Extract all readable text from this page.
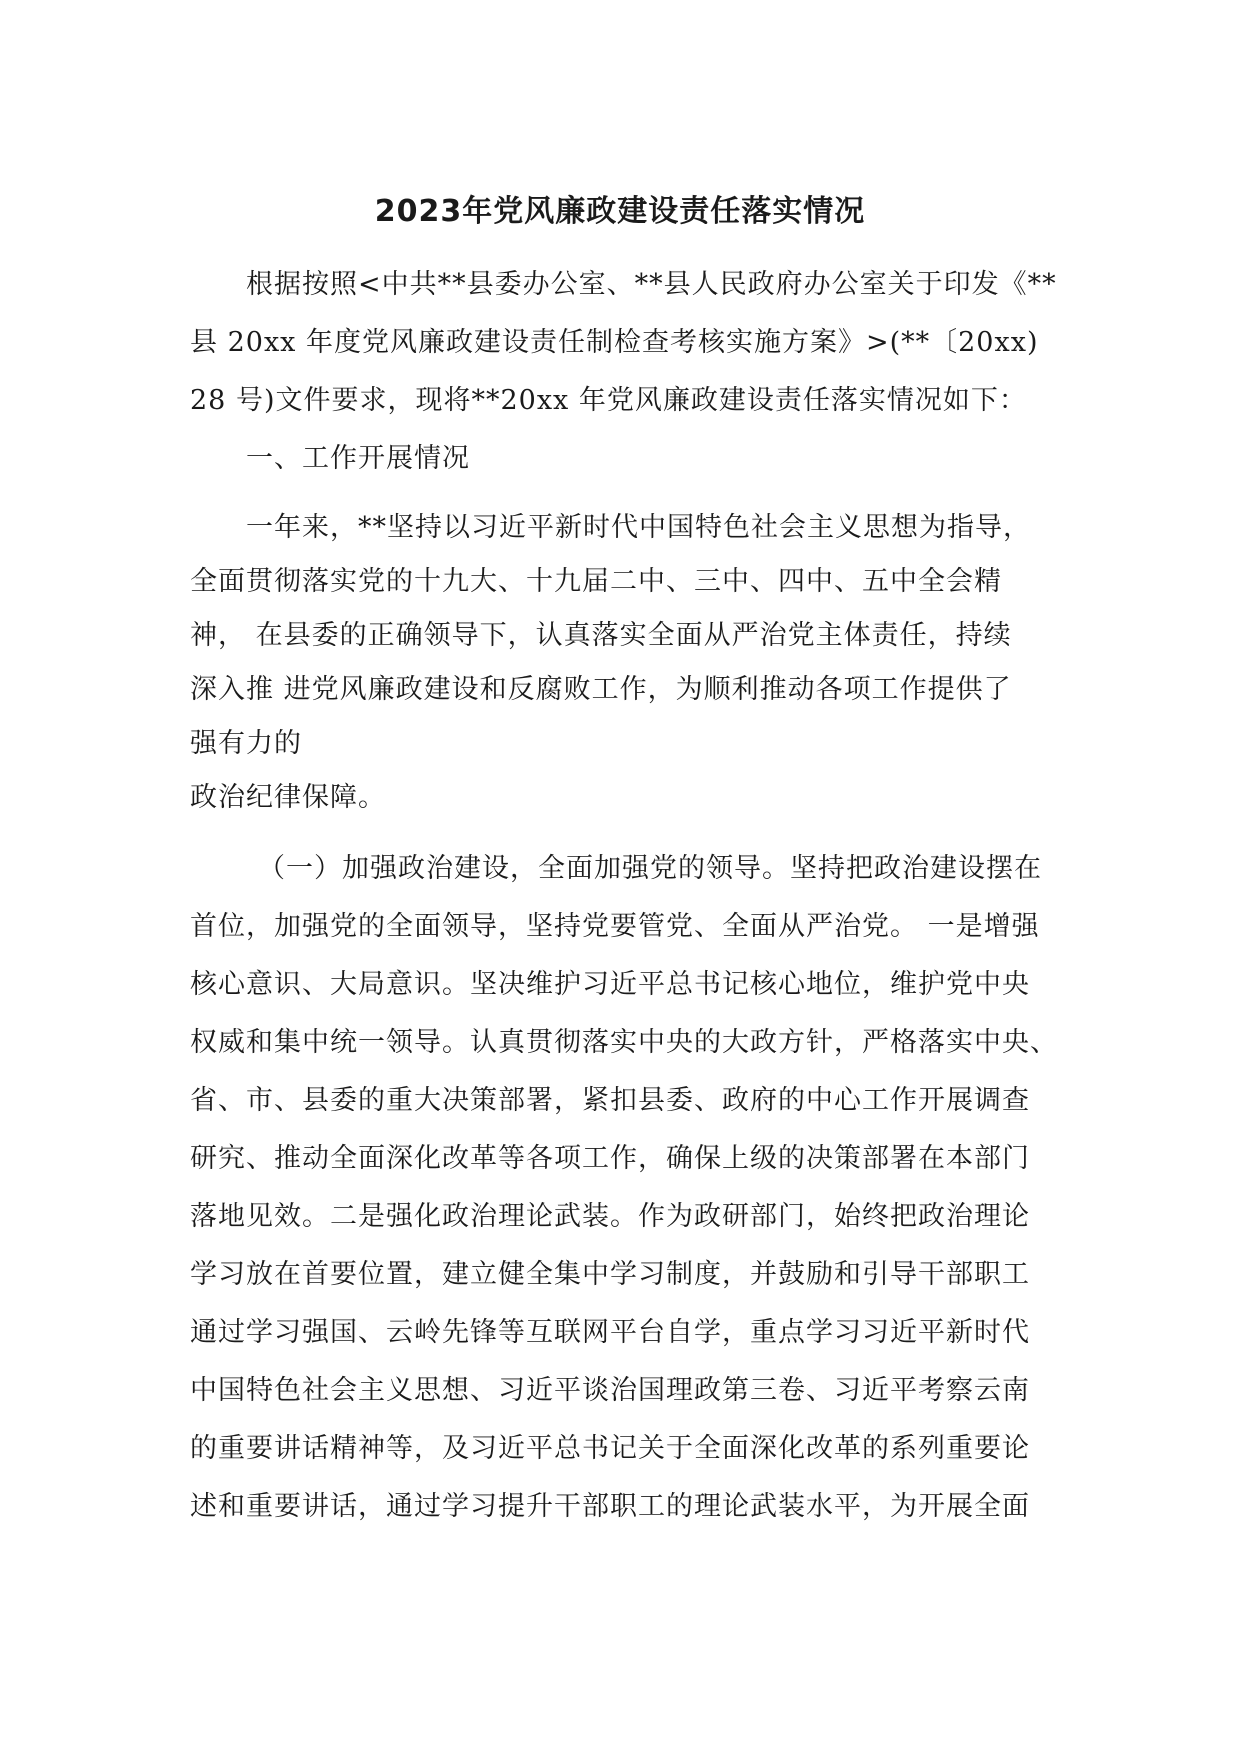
2023年党风廉政建设责任落实情况
根据按照<中共**县委办公室、**县人民政府办公室关于印发《**
县 20xx 年度党风廉政建设责任制检查考核实施方案》>(**〔20xx)
28 号)文件要求，现将**20xx 年党风廉政建设责任落实情况如下：
一、工作开展情况
一年来，**坚持以习近平新时代中国特色社会主义思想为指导，
全面贯彻落实党的十九大、十九届二中、三中、四中、五中全会精
神， 在县委的正确领导下，认真落实全面从严治党主体责任，持续
深入推 进党风廉政建设和反腐败工作，为顺利推动各项工作提供了
强有力的
政治纪律保障。
（一）加强政治建设，全面加强党的领导。坚持把政治建设摆在
首位，加强党的全面领导，坚持党要管党、全面从严治党。 一是增强
核心意识、大局意识。坚决维护习近平总书记核心地位，维护党中央
权威和集中统一领导。认真贯彻落实中央的大政方针，严格落实中央、
省、市、县委的重大决策部署，紧扣县委、政府的中心工作开展调查
研究、推动全面深化改革等各项工作，确保上级的决策部署在本部门
落地见效。二是强化政治理论武装。作为政研部门，始终把政治理论
学习放在首要位置，建立健全集中学习制度，并鼓励和引导干部职工
通过学习强国、云岭先锋等互联网平台自学，重点学习习近平新时代
中国特色社会主义思想、习近平谈治国理政第三卷、习近平考察云南
的重要讲话精神等，及习近平总书记关于全面深化改革的系列重要论
述和重要讲话，通过学习提升干部职工的理论武装水平，为开展全面
